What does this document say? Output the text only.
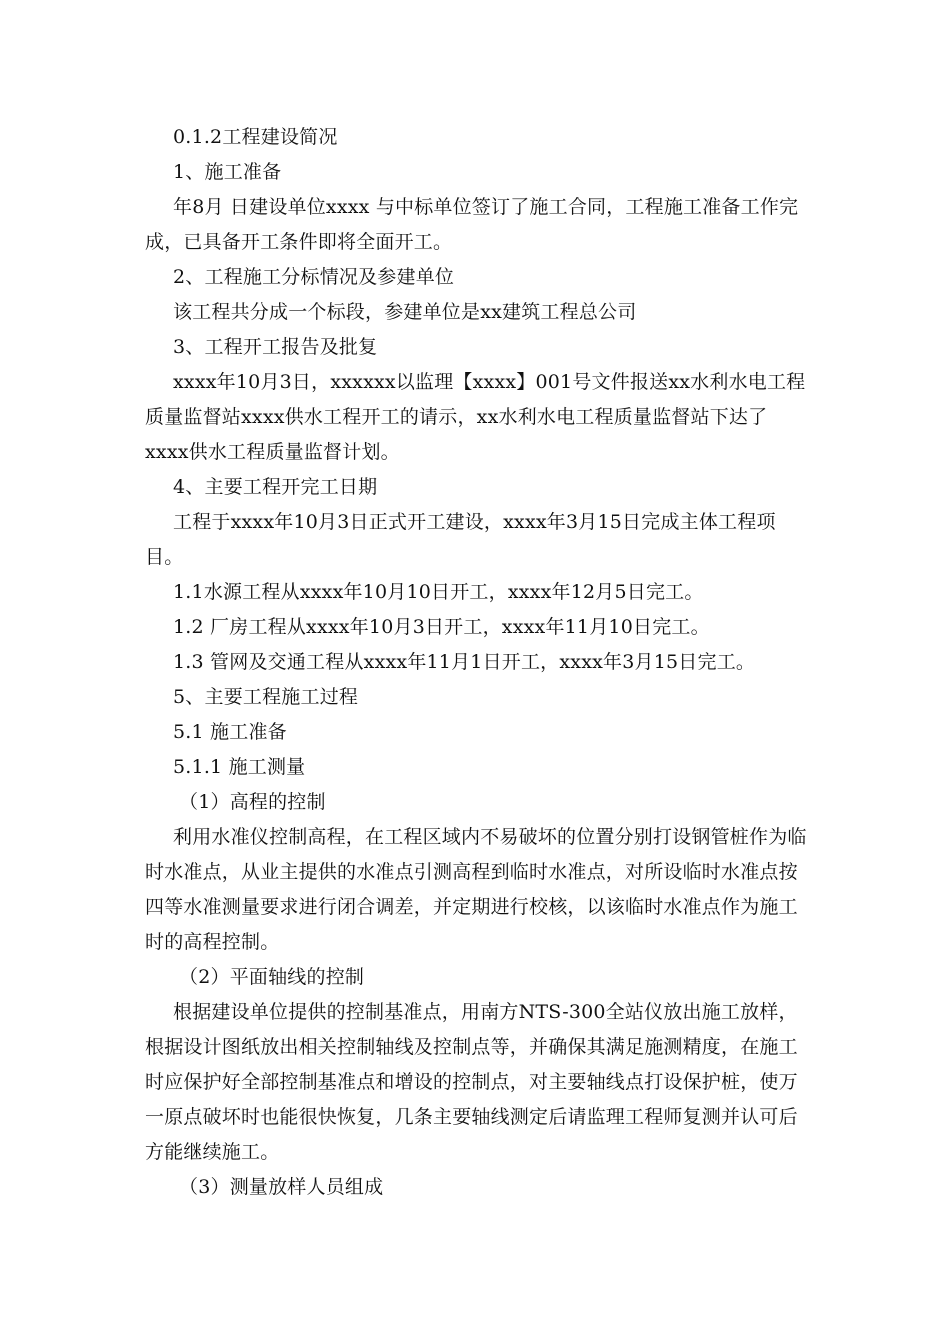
0.1.2工程建设简况

1、施工准备

年8月 日建设单位xxxx 与中标单位签订了施工合同，工程施工准备工作完成，已具备开工条件即将全面开工。

2、工程施工分标情况及参建单位

该工程共分成一个标段，参建单位是xx建筑工程总公司

3、工程开工报告及批复

xxxx年10月3日，xxxxxx以监理【xxxx】001号文件报送xx水利水电工程质量监督站xxxx供水工程开工的请示，xx水利水电工程质量监督站下达了xxxx供水工程质量监督计划。

4、主要工程开完工日期

工程于xxxx年10月3日正式开工建设，xxxx年3月15日完成主体工程项目。

1.1水源工程从xxxx年10月10日开工，xxxx年12月5日完工。

1.2 厂房工程从xxxx年10月3日开工，xxxx年11月10日完工。

1.3 管网及交通工程从xxxx年11月1日开工，xxxx年3月15日完工。

5、主要工程施工过程

5.1 施工准备

5.1.1 施工测量

（1）高程的控制

利用水准仪控制高程，在工程区域内不易破坏的位置分别打设钢管桩作为临时水准点，从业主提供的水准点引测高程到临时水准点，对所设临时水准点按四等水准测量要求进行闭合调差，并定期进行校核，以该临时水准点作为施工时的高程控制。

（2）平面轴线的控制

根据建设单位提供的控制基准点，用南方NTS-300全站仪放出施工放样，根据设计图纸放出相关控制轴线及控制点等，并确保其满足施测精度，在施工时应保护好全部控制基准点和增设的控制点，对主要轴线点打设保护桩，使万一原点破坏时也能很快恢复，几条主要轴线测定后请监理工程师复测并认可后方能继续施工。

（3）测量放样人员组成
